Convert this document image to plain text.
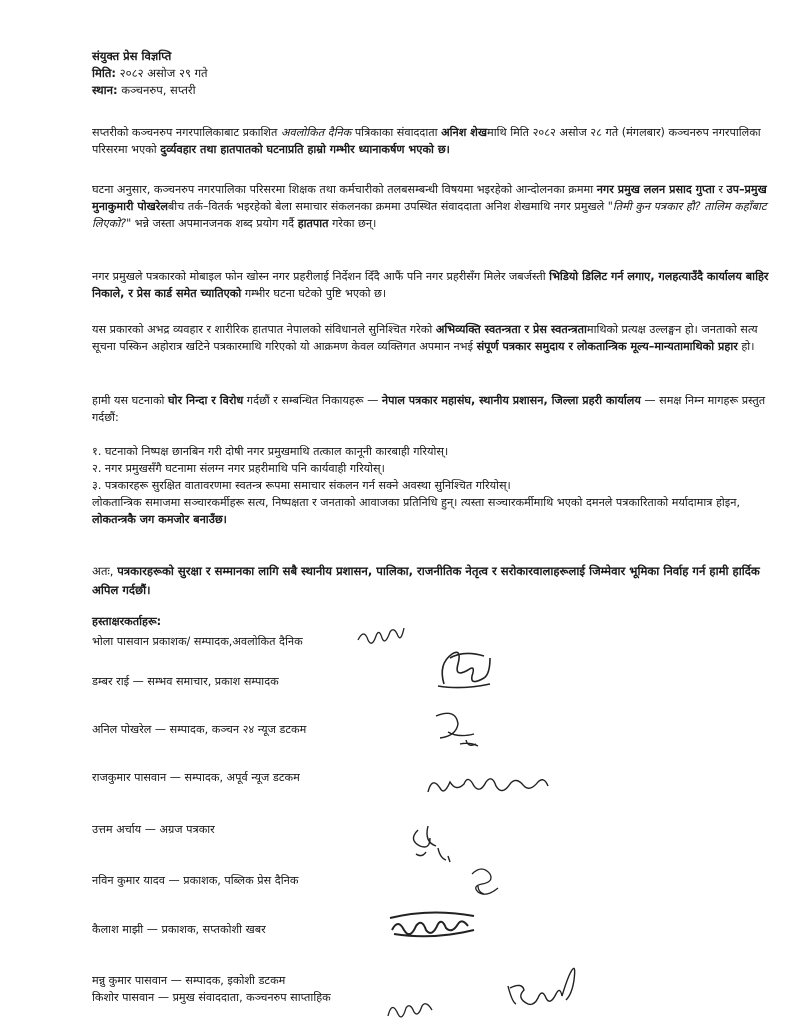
संयुक्त प्रेस विज्ञप्ति
मिति: २०८२ असोज २९ गते
स्थान: कञ्चनरुप, सप्तरी

सप्तरीको कञ्चनरुप नगरपालिकाबाट प्रकाशित अवलोकित दैनिक पत्रिकाका संवाददाता अनिश शेखमाथि मिति २०८२ असोज २८ गते (मंगलबार) कञ्चनरुप नगरपालिका परिसरमा भएको दुर्व्यवहार तथा हातपातको घटनाप्रति हाम्रो गम्भीर ध्यानाकर्षण भएको छ।

घटना अनुसार, कञ्चनरुप नगरपालिका परिसरमा शिक्षक तथा कर्मचारीको तलबसम्बन्धी विषयमा भइरहेको आन्दोलनका क्रममा नगर प्रमुख ललन प्रसाद गुप्ता र उप–प्रमुख मुनाकुमारी पोखरेलबीच तर्क–वितर्क भइरहेको बेला समाचार संकलनका क्रममा उपस्थित संवाददाता अनिश शेखमाथि नगर प्रमुखले "तिमी कुन पत्रकार हौ? तालिम कहाँबाट लिएको?" भन्ने जस्ता अपमानजनक शब्द प्रयोग गर्दै हातपात गरेका छन्।

नगर प्रमुखले पत्रकारको मोबाइल फोन खोस्न नगर प्रहरीलाई निर्देशन दिँदै आफैं पनि नगर प्रहरीसँग मिलेर जबर्जस्ती भिडियो डिलिट गर्न लगाए, गलहत्याउँदै कार्यालय बाहिर निकाले, र प्रेस कार्ड समेत च्यातिएको गम्भीर घटना घटेको पुष्टि भएको छ।

यस प्रकारको अभद्र व्यवहार र शारीरिक हातपात नेपालको संविधानले सुनिश्चित गरेको अभिव्यक्ति स्वतन्त्रता र प्रेस स्वतन्त्रतामाथिको प्रत्यक्ष उल्लङ्घन हो। जनताको सत्य सूचना पस्किन अहोरात्र खटिने पत्रकारमाथि गरिएको यो आक्रमण केवल व्यक्तिगत अपमान नभई संपूर्ण पत्रकार समुदाय र लोकतान्त्रिक मूल्य–मान्यतामाथिको प्रहार हो।

हामी यस घटनाको घोर निन्दा र विरोध गर्दछौं र सम्बन्धित निकायहरू — नेपाल पत्रकार महासंघ, स्थानीय प्रशासन, जिल्ला प्रहरी कार्यालय — समक्ष निम्न मागहरू प्रस्तुत गर्दछौं:

१. घटनाको निष्पक्ष छानबिन गरी दोषी नगर प्रमुखमाथि तत्काल कानूनी कारबाही गरियोस्।
२. नगर प्रमुखसँगै घटनामा संलग्न नगर प्रहरीमाथि पनि कार्यवाही गरियोस्।
३. पत्रकारहरू सुरक्षित वातावरणमा स्वतन्त्र रूपमा समाचार संकलन गर्न सक्ने अवस्था सुनिश्चित गरियोस्।

लोकतान्त्रिक समाजमा सञ्चारकर्मीहरू सत्य, निष्पक्षता र जनताको आवाजका प्रतिनिधि हुन्। त्यस्ता सञ्चारकर्मीमाथि भएको दमनले पत्रकारिताको मर्यादामात्र होइन, लोकतन्त्रकै जग कमजोर बनाउँछ।

अतः, पत्रकारहरूको सुरक्षा र सम्मानका लागि सबै स्थानीय प्रशासन, पालिका, राजनीतिक नेतृत्व र सरोकारवालाहरूलाई जिम्मेवार भूमिका निर्वाह गर्न हामी हार्दिक अपिल गर्दछौं।

हस्ताक्षरकर्ताहरू:
भोला पासवान प्रकाशक/ सम्पादक,अवलोकित दैनिक
डम्बर राई — सम्भव समाचार, प्रकाश सम्पादक
अनिल पोखरेल — सम्पादक, कञ्चन २४ न्यूज डटकम
राजकुमार पासवान — सम्पादक, अपूर्व न्यूज डटकम
उत्तम अर्चाय — अग्रज पत्रकार
नविन कुमार यादव — प्रकाशक, पब्लिक प्रेस दैनिक
कैलाश माझी — प्रकाशक, सप्तकोशी खबर
मन्नु कुमार पासवान — सम्पादक, इकोशी डटकम
किशोर पासवान — प्रमुख संवाददाता, कञ्चनरुप साप्ताहिक
